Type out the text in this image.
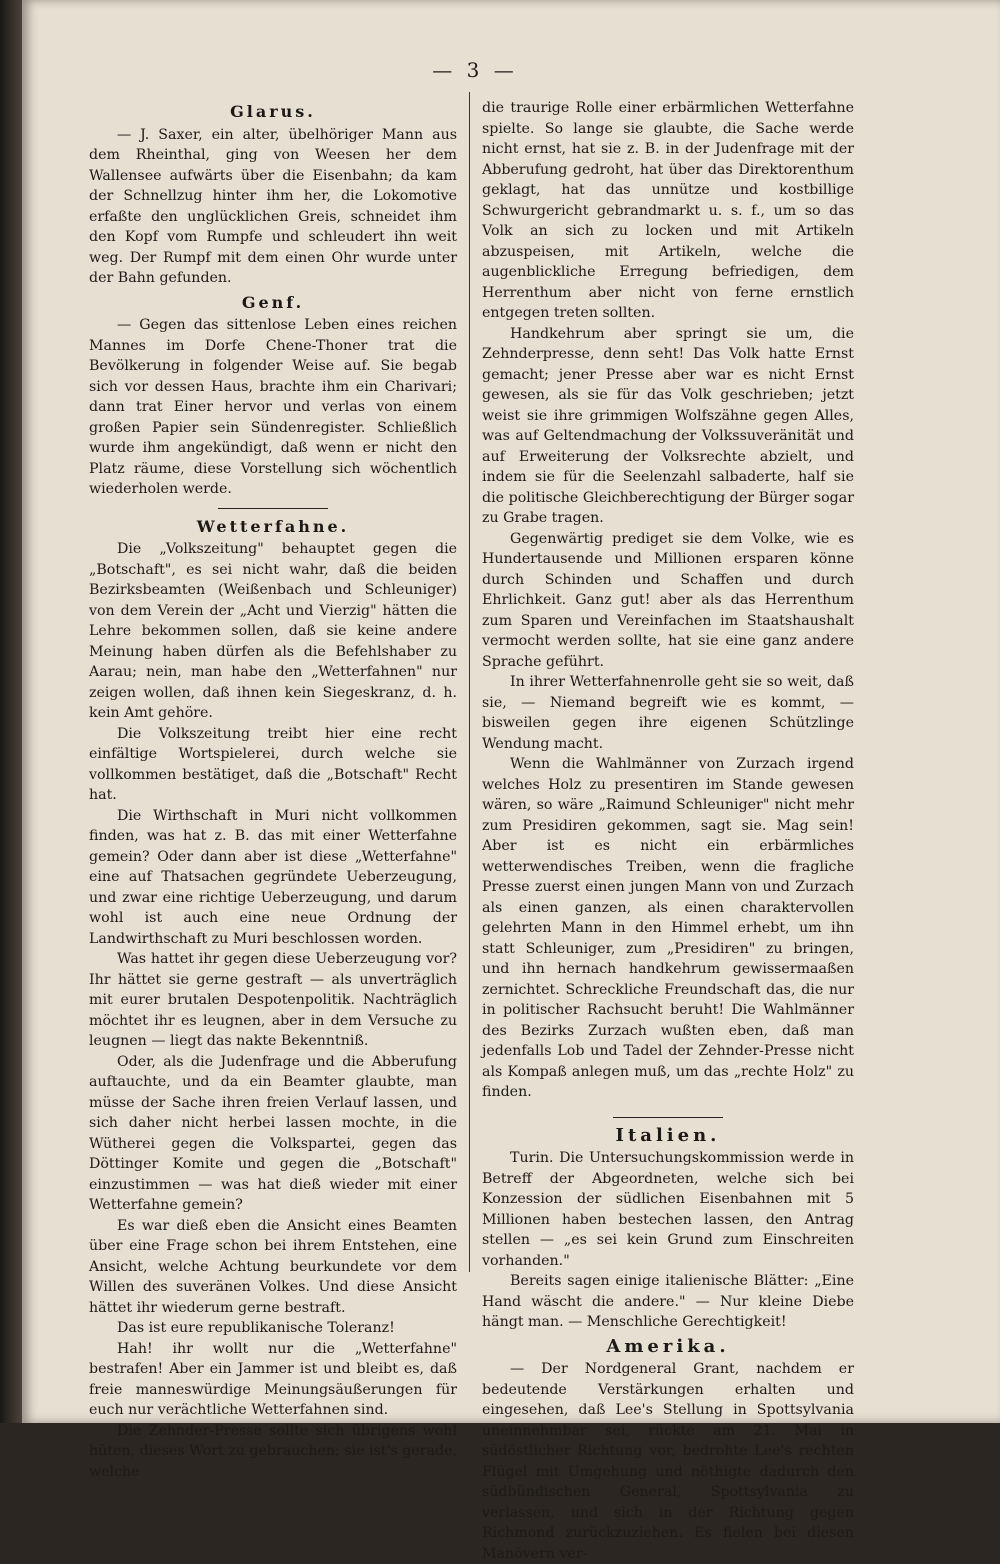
— 3 —
Glarus.

— J. Saxer, ein alter, übelhöriger Mann aus dem Rheinthal, ging von Weesen her dem Wallensee aufwärts über die Eisenbahn; da kam der Schnellzug hinter ihm her, die Lokomotive erfaßte den unglücklichen Greis, schneidet ihm den Kopf vom Rumpfe und schleudert ihn weit weg. Der Rumpf mit dem einen Ohr wurde unter der Bahn gefunden.

Genf.

— Gegen das sittenlose Leben eines reichen Mannes im Dorfe Chene-Thoner trat die Bevölkerung in folgender Weise auf. Sie begab sich vor dessen Haus, brachte ihm ein Charivari; dann trat Einer hervor und verlas von einem großen Papier sein Sündenregister. Schließlich wurde ihm angekündigt, daß wenn er nicht den Platz räume, diese Vorstellung sich wöchentlich wiederholen werde.

Wetterfahne.

Die „Volkszeitung" behauptet gegen die „Botschaft", es sei nicht wahr, daß die beiden Bezirksbeamten (Weißenbach und Schleuniger) von dem Verein der „Acht und Vierzig" hätten die Lehre bekommen sollen, daß sie keine andere Meinung haben dürfen als die Befehlshaber zu Aarau; nein, man habe den „Wetterfahnen" nur zeigen wollen, daß ihnen kein Siegeskranz, d. h. kein Amt gehöre.

Die Volkszeitung treibt hier eine recht einfältige Wortspielerei, durch welche sie vollkommen bestätiget, daß die „Botschaft" Recht hat.

Die Wirthschaft in Muri nicht vollkommen finden, was hat z. B. das mit einer Wetterfahne gemein? Oder dann aber ist diese „Wetterfahne" eine auf Thatsachen gegründete Ueberzeugung, und zwar eine richtige Ueberzeugung, und darum wohl ist auch eine neue Ordnung der Landwirthschaft zu Muri beschlossen worden.

Was hattet ihr gegen diese Ueberzeugung vor? Ihr hättet sie gerne gestraft — als unverträglich mit eurer brutalen Despotenpolitik. Nachträglich möchtet ihr es leugnen, aber in dem Versuche zu leugnen — liegt das nakte Bekenntniß.

Oder, als die Judenfrage und die Abberufung auftauchte, und da ein Beamter glaubte, man müsse der Sache ihren freien Verlauf lassen, und sich daher nicht herbei lassen mochte, in die Wütherei gegen die Volkspartei, gegen das Döttinger Komite und gegen die „Botschaft" einzustimmen — was hat dieß wieder mit einer Wetterfahne gemein?

Es war dieß eben die Ansicht eines Beamten über eine Frage schon bei ihrem Entstehen, eine Ansicht, welche Achtung beurkundete vor dem Willen des suveränen Volkes. Und diese Ansicht hättet ihr wiederum gerne bestraft.

Das ist eure republikanische Toleranz!

Hah! ihr wollt nur die „Wetterfahne" bestrafen! Aber ein Jammer ist und bleibt es, daß freie manneswürdige Meinungsäußerungen für euch nur verächtliche Wetterfahnen sind.

Die Zehnder-Presse sollte sich übrigens wohl hüten, dieses Wort zu gebrauchen; sie ist's gerade, welche

die traurige Rolle einer erbärmlichen Wetterfahne spielte. So lange sie glaubte, die Sache werde nicht ernst, hat sie z. B. in der Judenfrage mit der Abberufung gedroht, hat über das Direktorenthum geklagt, hat das unnütze und kostbillige Schwurgericht gebrandmarkt u. s. f., um so das Volk an sich zu locken und mit Artikeln abzuspeisen, mit Artikeln, welche die augenblickliche Erregung befriedigen, dem Herrenthum aber nicht von ferne ernstlich entgegen treten sollten.

Handkehrum aber springt sie um, die Zehnderpresse, denn seht! Das Volk hatte Ernst gemacht; jener Presse aber war es nicht Ernst gewesen, als sie für das Volk geschrieben; jetzt weist sie ihre grimmigen Wolfszähne gegen Alles, was auf Geltendmachung der Volkssuveränität und auf Erweiterung der Volksrechte abzielt, und indem sie für die Seelenzahl salbaderte, half sie die politische Gleichberechtigung der Bürger sogar zu Grabe tragen.

Gegenwärtig prediget sie dem Volke, wie es Hundertausende und Millionen ersparen könne durch Schinden und Schaffen und durch Ehrlichkeit. Ganz gut! aber als das Herrenthum zum Sparen und Vereinfachen im Staatshaushalt vermocht werden sollte, hat sie eine ganz andere Sprache geführt.

In ihrer Wetterfahnenrolle geht sie so weit, daß sie, — Niemand begreift wie es kommt, — bisweilen gegen ihre eigenen Schützlinge Wendung macht.

Wenn die Wahlmänner von Zurzach irgend welches Holz zu presentiren im Stande gewesen wären, so wäre „Raimund Schleuniger" nicht mehr zum Presidiren gekommen, sagt sie. Mag sein! Aber ist es nicht ein erbärmliches wetterwendisches Treiben, wenn die fragliche Presse zuerst einen jungen Mann von und Zurzach als einen ganzen, als einen charaktervollen gelehrten Mann in den Himmel erhebt, um ihn statt Schleuniger, zum „Presidiren" zu bringen, und ihn hernach handkehrum gewissermaaßen zernichtet. Schreckliche Freundschaft das, die nur in politischer Rachsucht beruht! Die Wahlmänner des Bezirks Zurzach wußten eben, daß man jedenfalls Lob und Tadel der Zehnder-Presse nicht als Kompaß anlegen muß, um das „rechte Holz" zu finden.

Italien.

Turin. Die Untersuchungskommission werde in Betreff der Abgeordneten, welche sich bei Konzession der südlichen Eisenbahnen mit 5 Millionen haben bestechen lassen, den Antrag stellen — „es sei kein Grund zum Einschreiten vorhanden."

Bereits sagen einige italienische Blätter: „Eine Hand wäscht die andere." — Nur kleine Diebe hängt man. — Menschliche Gerechtigkeit!

Amerika.

— Der Nordgeneral Grant, nachdem er bedeutende Verstärkungen erhalten und eingesehen, daß Lee's Stellung in Spottsylvania uneinnehmbar sei, rückte am 21. Mai in südöstlicher Richtung vor, bedrohte Lee's rechten Flügel mit Umgehung und nöthigte dadurch den südbündischen General, Spottsylvania zu verlassen, und sich in der Richtung gegen Richmond zurückzuziehen. Es fielen bei diesen Manövern ver-
